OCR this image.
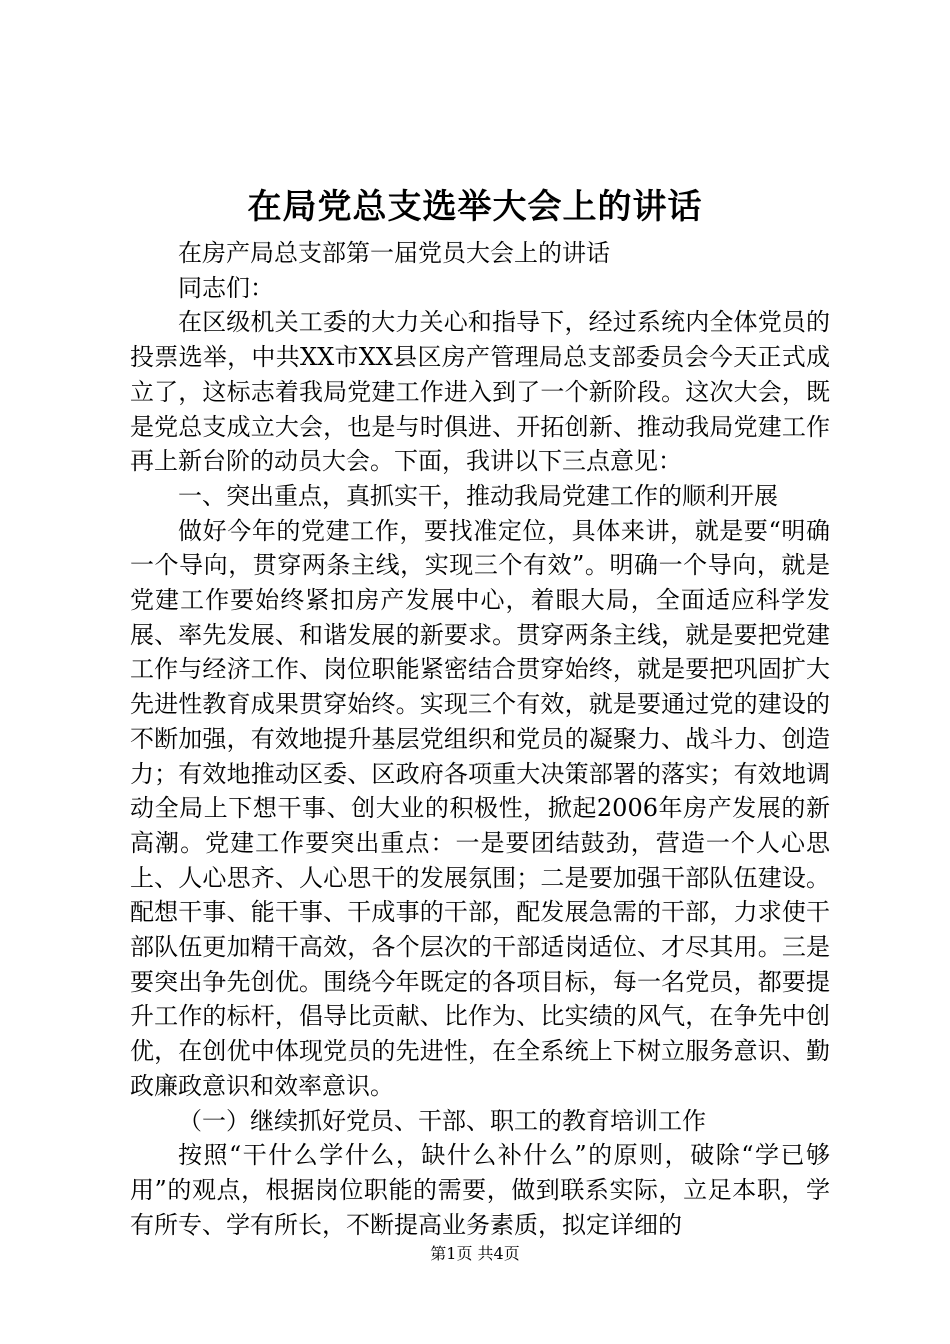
在局党总支选举大会上的讲话

在房产局总支部第一届党员大会上的讲话

同志们：

在区级机关工委的大力关心和指导下，经过系统内全体党员的投票选举，中共XX市XX县区房产管理局总支部委员会今天正式成立了，这标志着我局党建工作进入到了一个新阶段。这次大会，既是党总支成立大会，也是与时俱进、开拓创新、推动我局党建工作再上新台阶的动员大会。下面，我讲以下三点意见：

一、突出重点，真抓实干，推动我局党建工作的顺利开展

做好今年的党建工作，要找准定位，具体来讲，就是要“明确一个导向，贯穿两条主线，实现三个有效”。明确一个导向，就是党建工作要始终紧扣房产发展中心，着眼大局，全面适应科学发展、率先发展、和谐发展的新要求。贯穿两条主线，就是要把党建工作与经济工作、岗位职能紧密结合贯穿始终，就是要把巩固扩大先进性教育成果贯穿始终。实现三个有效，就是要通过党的建设的不断加强，有效地提升基层党组织和党员的凝聚力、战斗力、创造力；有效地推动区委、区政府各项重大决策部署的落实；有效地调动全局上下想干事、创大业的积极性，掀起2006年房产发展的新高潮。党建工作要突出重点：一是要团结鼓劲，营造一个人心思上、人心思齐、人心思干的发展氛围；二是要加强干部队伍建设。配想干事、能干事、干成事的干部，配发展急需的干部，力求使干部队伍更加精干高效，各个层次的干部适岗适位、才尽其用。三是要突出争先创优。围绕今年既定的各项目标，每一名党员，都要提升工作的标杆，倡导比贡献、比作为、比实绩的风气，在争先中创优，在创优中体现党员的先进性，在全系统上下树立服务意识、勤政廉政意识和效率意识。

（一）继续抓好党员、干部、职工的教育培训工作

按照“干什么学什么，缺什么补什么”的原则，破除“学已够用”的观点，根据岗位职能的需要，做到联系实际，立足本职，学有所专、学有所长，不断提高业务素质，拟定详细的

第1页 共4页
